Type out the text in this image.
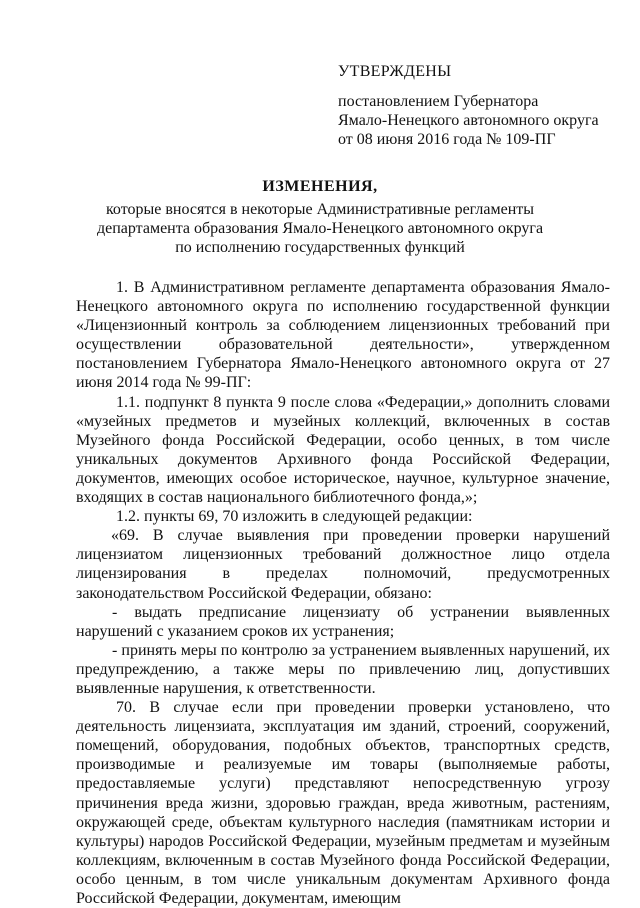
УТВЕРЖДЕНЫ
постановлением Губернатора
Ямало-Ненецкого автономного округа
от 08 июня 2016 года № 109-ПГ
ИЗМЕНЕНИЯ,
которые вносятся в некоторые Административные регламенты
департамента образования Ямало-Ненецкого автономного округа
по исполнению государственных функций

1. В Административном регламенте департамента образования Ямало-Ненецкого автономного округа по исполнению государственной функции «Лицензионный контроль за соблюдением лицензионных требований при осуществлении образовательной деятельности», утвержденном постановлением Губернатора Ямало-Ненецкого автономного округа от 27 июня 2014 года № 99-ПГ:

1.1. подпункт 8 пункта 9 после слова «Федерации,» дополнить словами «музейных предметов и музейных коллекций, включенных в состав Музейного фонда Российской Федерации, особо ценных, в том числе уникальных документов Архивного фонда Российской Федерации, документов, имеющих особое историческое, научное, культурное значение, входящих в состав национального библиотечного фонда,»;

1.2. пункты 69, 70 изложить в следующей редакции:

«69. В случае выявления при проведении проверки нарушений лицензиатом лицензионных требований должностное лицо отдела лицензирования в пределах полномочий, предусмотренных законодательством Российской Федерации, обязано:

- выдать предписание лицензиату об устранении выявленных нарушений с указанием сроков их устранения;

- принять меры по контролю за устранением выявленных нарушений, их предупреждению, а также меры по привлечению лиц, допустивших выявленные нарушения, к ответственности.

70. В случае если при проведении проверки установлено, что деятельность лицензиата, эксплуатация им зданий, строений, сооружений, помещений, оборудования, подобных объектов, транспортных средств, производимые и реализуемые им товары (выполняемые работы, предоставляемые услуги) представляют непосредственную угрозу причинения вреда жизни, здоровью граждан, вреда животным, растениям, окружающей среде, объектам культурного наследия (памятникам истории и культуры) народов Российской Федерации, музейным предметам и музейным коллекциям, включенным в состав Музейного фонда Российской Федерации, особо ценным, в том числе уникальным документам Архивного фонда Российской Федерации, документам, имеющим
